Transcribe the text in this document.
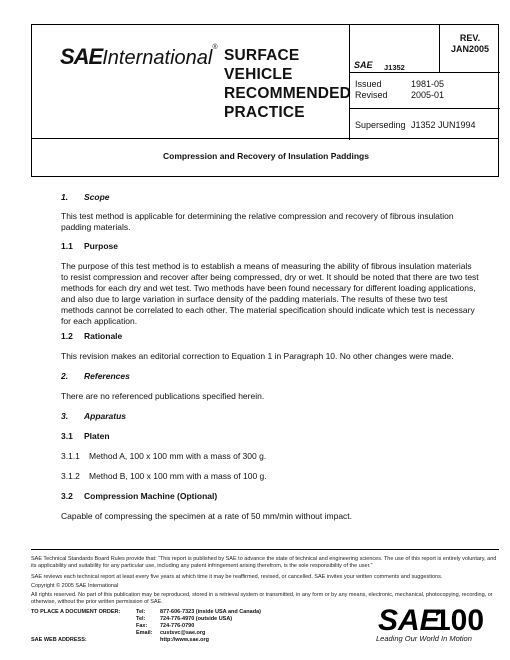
SAEInternational® SURFACE
VEHICLE
RECOMMENDED
PRACTICE
SAE J1352
REV.
JAN2005
Issued	1981-05
Revised	2005-01
Superseding J1352 JUN1994
Compression and Recovery of Insulation Paddings
1. Scope
This test method is applicable for determining the relative compression and recovery of fibrous insulation padding materials.
1.1 Purpose
The purpose of this test method is to establish a means of measuring the ability of fibrous insulation materials to resist compression and recover after being compressed, dry or wet. It should be noted that there are two test methods for each dry and wet test. Two methods have been found necessary for different loading applications, and also due to large variation in surface density of the padding materials. The results of these two test methods cannot be correlated to each other. The material specification should indicate which test is necessary for each application.
1.2 Rationale
This revision makes an editorial correction to Equation 1 in Paragraph 10. No other changes were made.
2. References
There are no referenced publications specified herein.
3. Apparatus
3.1 Platen
3.1.1 Method A, 100 x 100 mm with a mass of 300 g.
3.1.2 Method B, 100 x 100 mm with a mass of 100 g.
3.2 Compression Machine (Optional)
Capable of compressing the specimen at a rate of 50 mm/min without impact.
SAE Technical Standards Board Rules provide that: “This report is published by SAE to advance the state of technical and engineering sciences. The use of this report is entirely voluntary, and its applicability and suitability for any particular use, including any patent infringement arising therefrom, is the sole responsibility of the user.”
SAE reviews each technical report at least every five years at which time it may be reaffirmed, revised, or cancelled. SAE invites your written comments and suggestions.
Copyright © 2005 SAE International
All rights reserved. No part of this publication may be reproduced, stored in a retrieval system or transmitted, in any form or by any means, electronic, mechanical, photocopying, recording, or otherwise, without the prior written permission of SAE.
TO PLACE A DOCUMENT ORDER:	Tel:	877-606-7323 (inside USA and Canada)
Tel:	724-776-4970 (outside USA)
Fax:	724-776-0790
Email:	custsvc@sae.org
SAE WEB ADDRESS:	http://www.sae.org
SAE
100
Leading Our World In Motion
